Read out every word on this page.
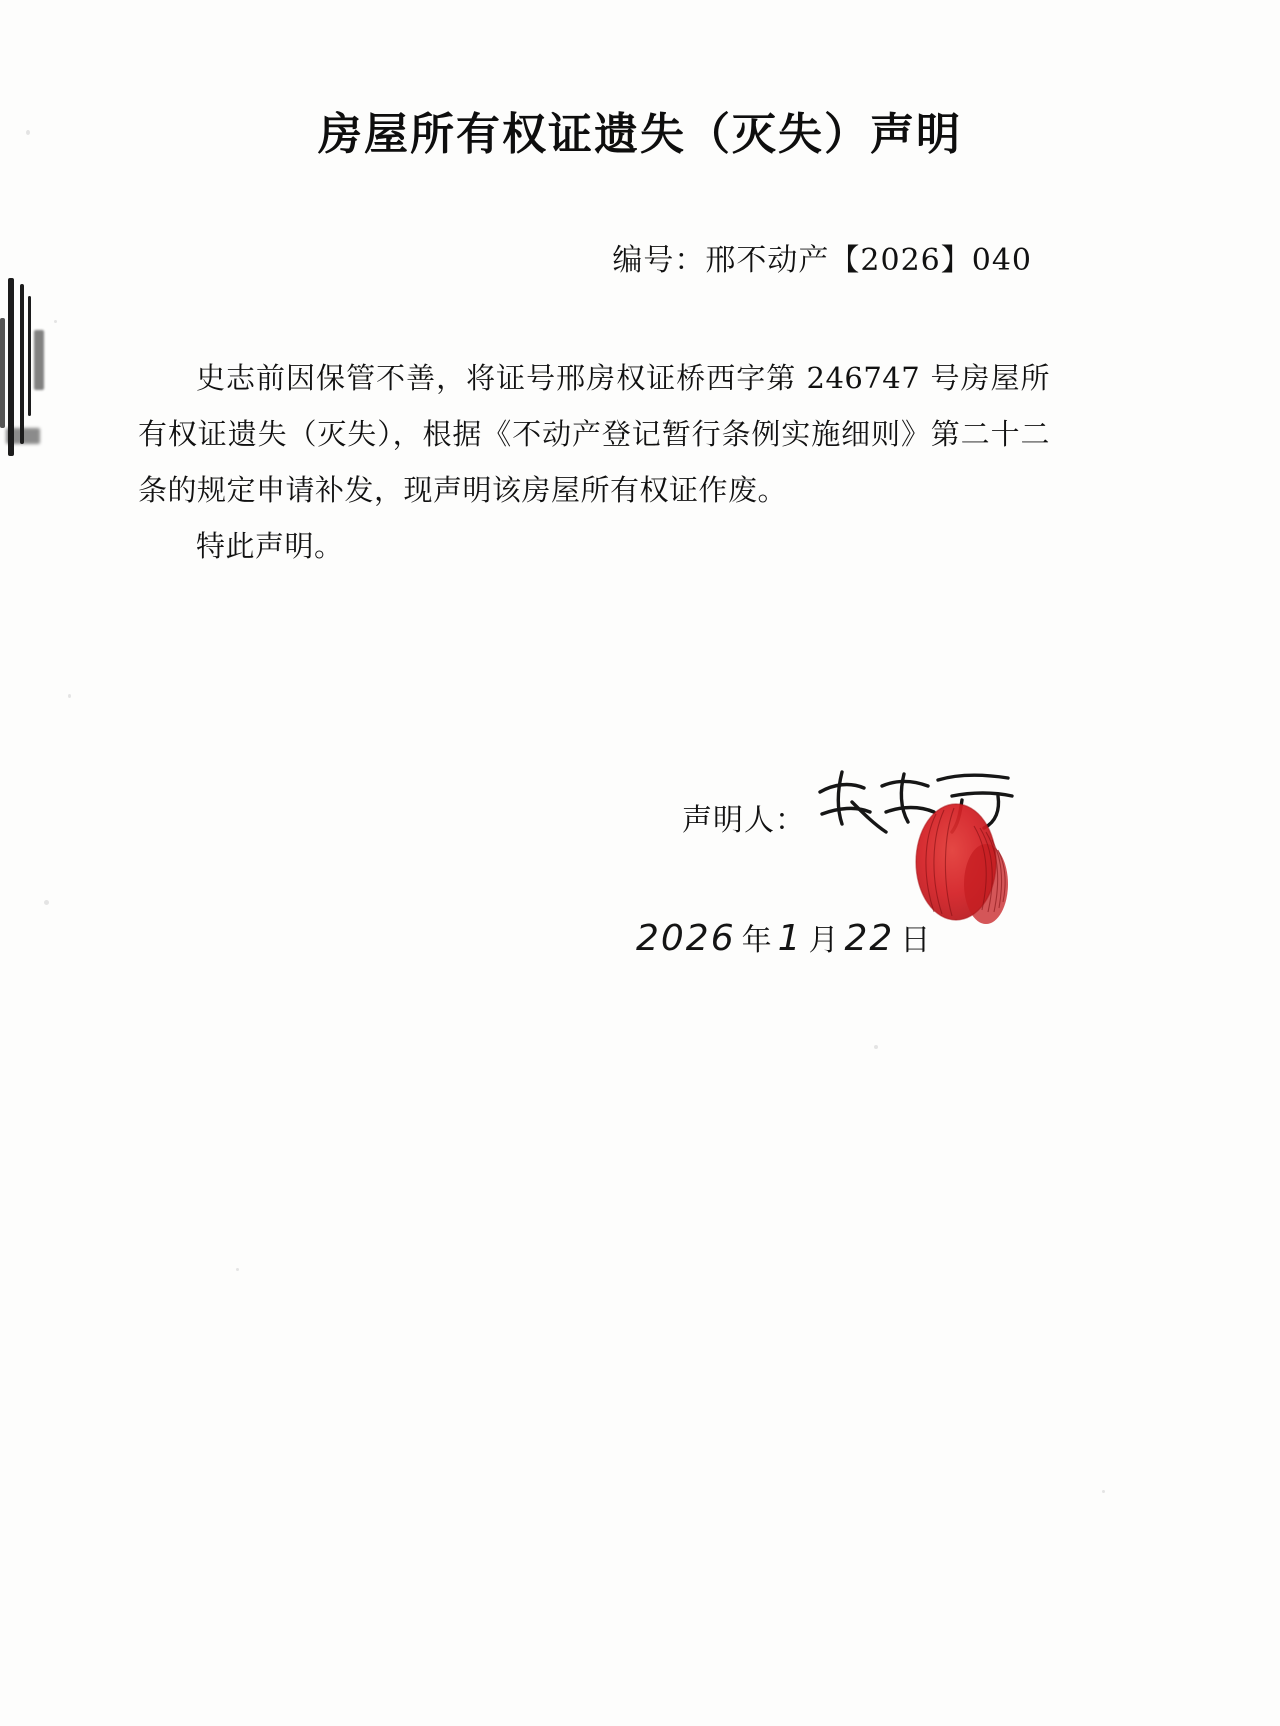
房屋所有权证遗失（灭失）声明
编号：邢不动产【2026】040

史志前因保管不善，将证号邢房权证桥西字第 246747 号房屋所有权证遗失（灭失），根据《不动产登记暂行条例实施细则》第二十二条的规定申请补发，现声明该房屋所有权证作废。

特此声明。

声明人：
2026 年 1 月 22 日
